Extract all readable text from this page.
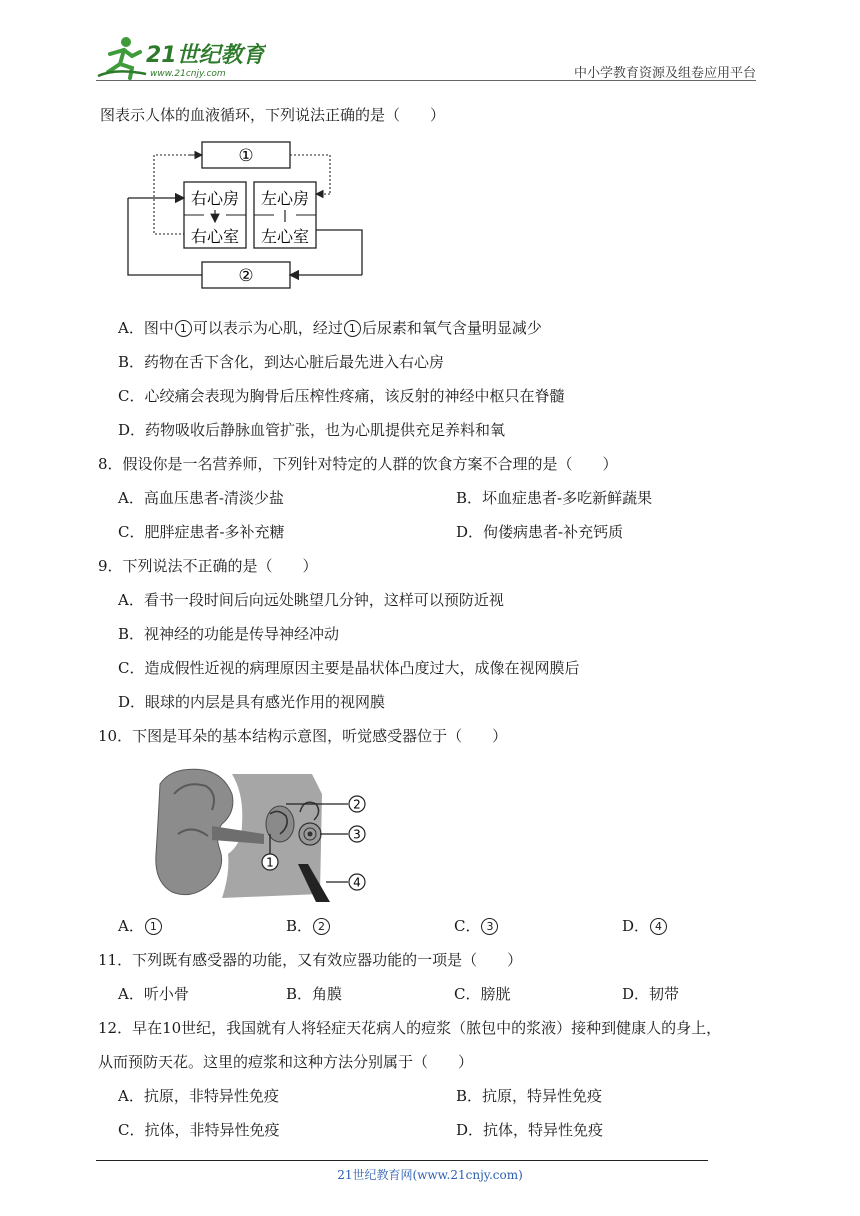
21世纪教育
www.21cnjy.com	中小学教育资源及组卷应用平台
图表示人体的血液循环，下列说法正确的是（　　）
①
②
右心房
右心室
左心房
左心室
A．图中 1 可以表示为心肌，经过 1 后尿素和氧气含量明显减少
B．药物在舌下含化，到达心脏后最先进入右心房
C．心绞痛会表现为胸骨后压榨性疼痛，该反射的神经中枢只在脊髓
D．药物吸收后静脉血管扩张，也为心肌提供充足养料和氧
8．假设你是一名营养师，下列针对特定的人群的饮食方案不合理的是（　　）
A．高血压患者-清淡少盐	B．坏血症患者-多吃新鲜蔬果
C．肥胖症患者-多补充糖	D．佝偻病患者-补充钙质
9．下列说法不正确的是（　　）
A．看书一段时间后向远处眺望几分钟，这样可以预防近视
B．视神经的功能是传导神经冲动
C．造成假性近视的病理原因主要是晶状体凸度过大，成像在视网膜后
D．眼球的内层是具有感光作用的视网膜
10．下图是耳朵的基本结构示意图，听觉感受器位于（　　）
2
3
4
1
A． 1	B． 2	C． 3	D． 4
11．下列既有感受器的功能，又有效应器功能的一项是（　　）
A．听小骨	B．角膜	C．膀胱	D．韧带
12．早在10世纪，我国就有人将轻症天花病人的痘浆（脓包中的浆液）接种到健康人的身上，
从而预防天花。这里的痘浆和这种方法分别属于（　　）
A．抗原，非特异性免疫	B．抗原，特异性免疫
C．抗体，非特异性免疫	D．抗体，特异性免疫
21世纪教育网(www.21cnjy.com)
